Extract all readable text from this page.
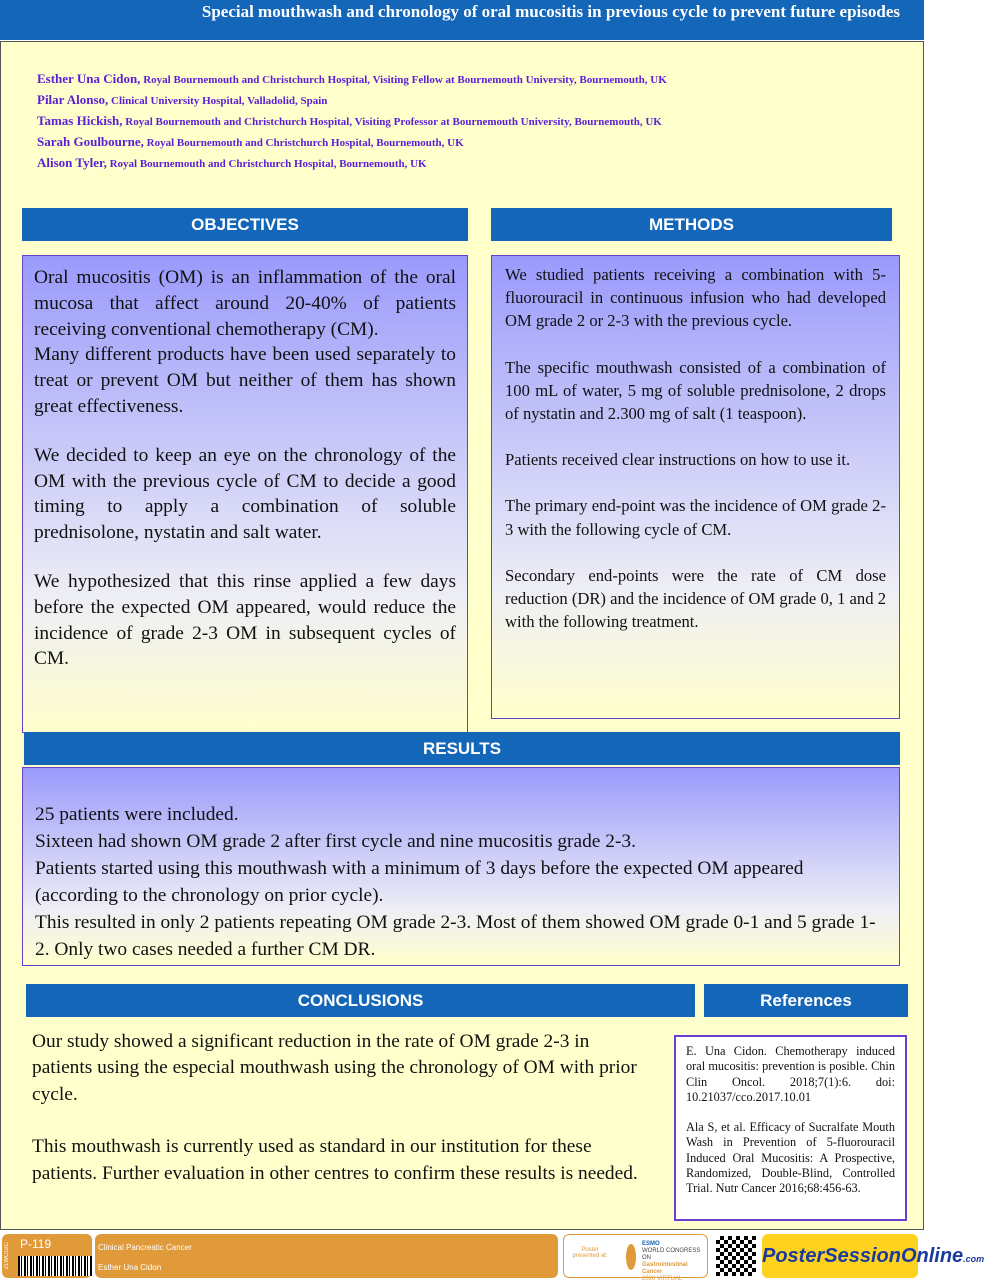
Special mouthwash and chronology of oral mucositis in previous cycle to prevent future episodes
Esther Una Cidon, Royal Bournemouth and Christchurch Hospital, Visiting Fellow at Bournemouth University, Bournemouth, UK
Pilar Alonso, Clinical University Hospital, Valladolid, Spain
Tamas Hickish, Royal Bournemouth and Christchurch Hospital, Visiting Professor at Bournemouth University, Bournemouth, UK
Sarah Goulbourne, Royal Bournemouth and Christchurch Hospital, Bournemouth, UK
Alison Tyler, Royal Bournemouth and Christchurch Hospital, Bournemouth, UK
OBJECTIVES	METHODS

Oral mucositis (OM) is an inflammation of the oral mucosa that affect around 20-40% of patients receiving conventional chemotherapy (CM).

Many different products have been used separately to treat or prevent OM but neither of them has shown great effectiveness.

We decided to keep an eye on the chronology of the OM with the previous cycle of CM to decide a good timing to apply a combination of soluble prednisolone, nystatin and salt water.

We hypothesized that this rinse applied a few days before the expected OM appeared, would reduce the incidence of grade 2-3 OM in subsequent cycles of CM.

We studied patients receiving a combination with 5-fluorouracil in continuous infusion who had developed OM grade 2 or 2-3 with the previous cycle.

The specific mouthwash consisted of a combination of 100 mL of water, 5 mg of soluble prednisolone, 2 drops of nystatin and 2.300 mg of salt (1 teaspoon).

Patients received clear instructions on how to use it.

The primary end-point was the incidence of OM grade 2-3 with the following cycle of CM.

Secondary end-points were the rate of CM dose reduction (DR) and the incidence of OM grade 0, 1 and 2 with the following treatment.

RESULTS

25 patients were included.

Sixteen had shown OM grade 2 after first cycle and nine mucositis grade 2-3.

Patients started using this mouthwash with a minimum of 3 days before the expected OM appeared (according to the chronology on prior cycle).

This resulted in only 2 patients repeating OM grade 2-3. Most of them showed OM grade 0-1 and 5 grade 1-2. Only two cases needed a further CM DR.

CONCLUSIONS	References

Our study showed a significant reduction in the rate of OM grade 2-3 in patients using the especial mouthwash using the chronology of OM with prior cycle.

This mouthwash is currently used as standard in our institution for these patients. Further evaluation in other centres to confirm these results is needed.

E. Una Cidon. Chemotherapy induced oral mucositis: prevention is posible. Chin Clin Oncol. 2018;7(1):6. doi: 10.21037/cco.2017.10.01

Ala S, et al. Efficacy of Sucralfate Mouth Wash in Prevention of 5-fluorouracil Induced Oral Mucositis: A Prospective, Randomized, Double-Blind, Controlled Trial. Nutr Cancer 2016;68:456-63.

21WCGIC P-119	Clinical Pancreatic Cancer
Esther Una Cidon
Poster presented at:
ESMO
WORLD CONGRESS ON
Gastrointestinal
Cancer
2020 VIRTUAL
PosterSessionOnline.com
